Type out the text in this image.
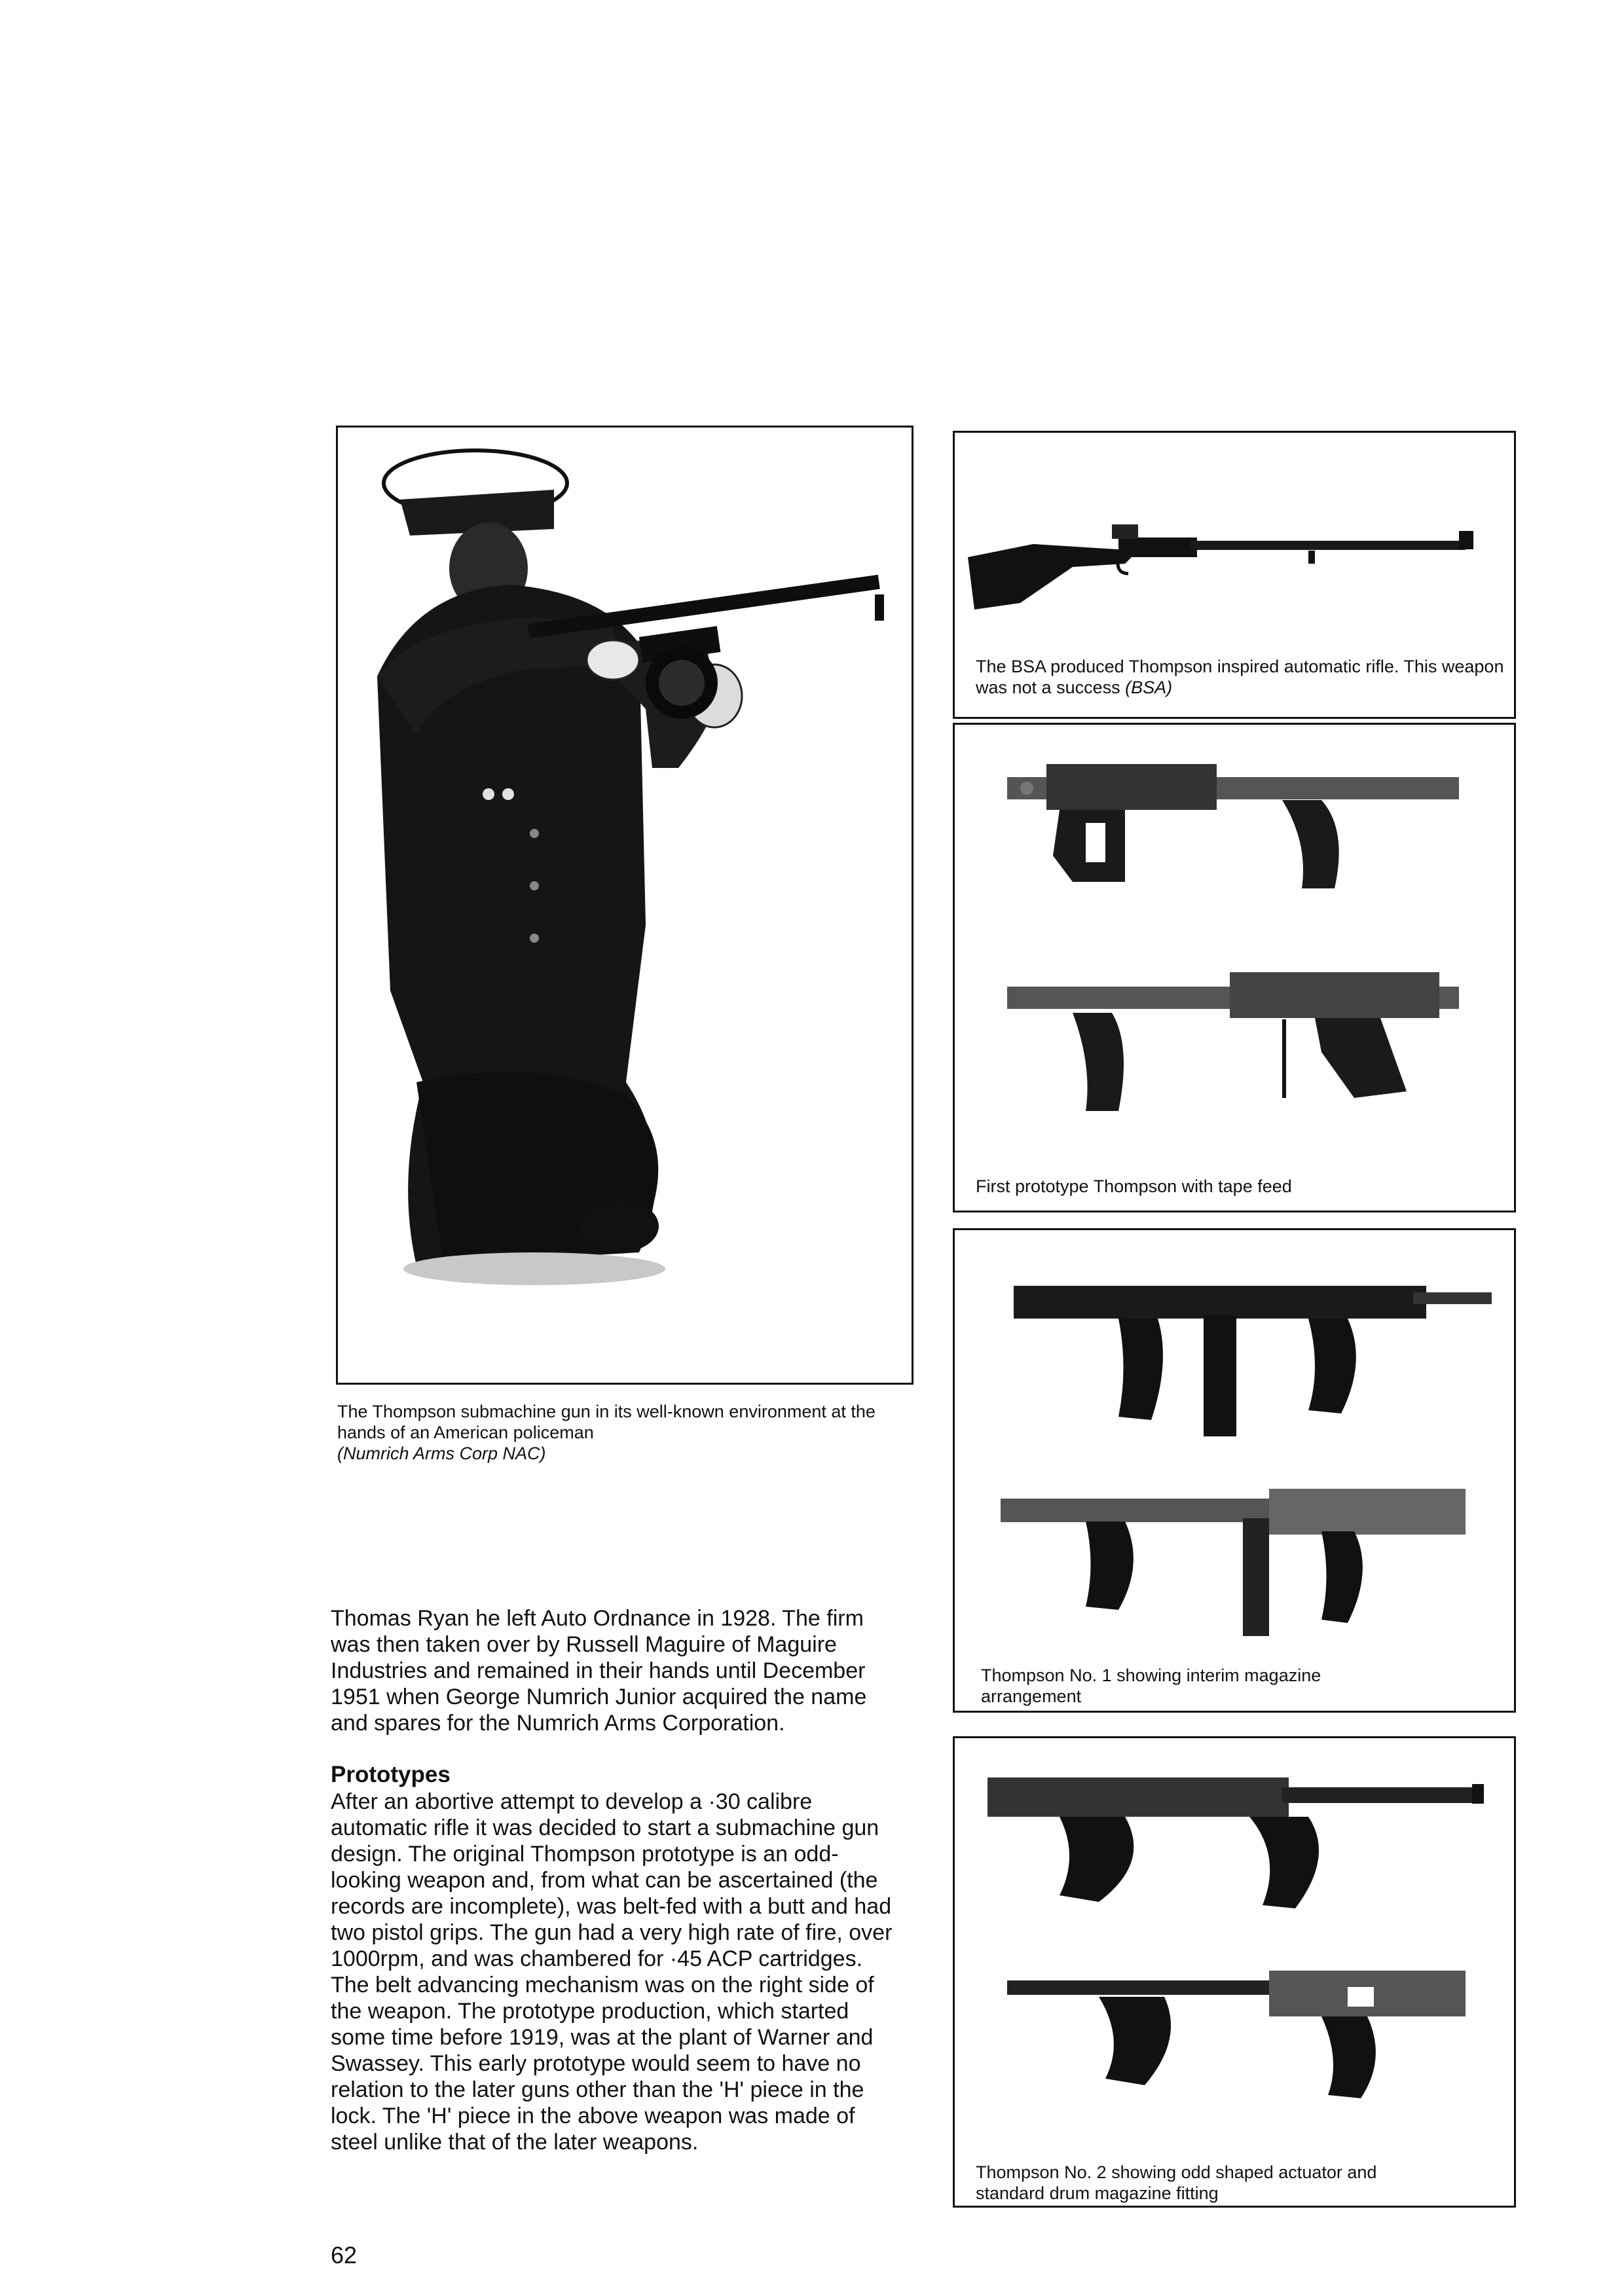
The Thompson submachine gun in its well-known environment at the hands of an American policeman
(Numrich Arms Corp NAC)

The BSA produced Thompson inspired automatic rifle. This weapon was not a success (BSA)

First prototype Thompson with tape feed

Thompson No. 1 showing interim magazine arrangement

Thompson No. 2 showing odd shaped actuator and standard drum magazine fitting

Thomas Ryan he left Auto Ordnance in 1928. The firm was then taken over by Russell Maguire of Maguire Industries and remained in their hands until December 1951 when George Numrich Junior acquired the name and spares for the Numrich Arms Corporation.

Prototypes

After an abortive attempt to develop a ·30 calibre automatic rifle it was decided to start a submachine gun design. The original Thompson prototype is an odd-looking weapon and, from what can be ascertained (the records are incomplete), was belt-fed with a butt and had two pistol grips. The gun had a very high rate of fire, over 1000rpm, and was chambered for ·45 ACP cartridges. The belt advancing mechanism was on the right side of the weapon. The prototype production, which started some time before 1919, was at the plant of Warner and Swassey. This early prototype would seem to have no relation to the later guns other than the 'H' piece in the lock. The 'H' piece in the above weapon was made of steel unlike that of the later weapons.

62
